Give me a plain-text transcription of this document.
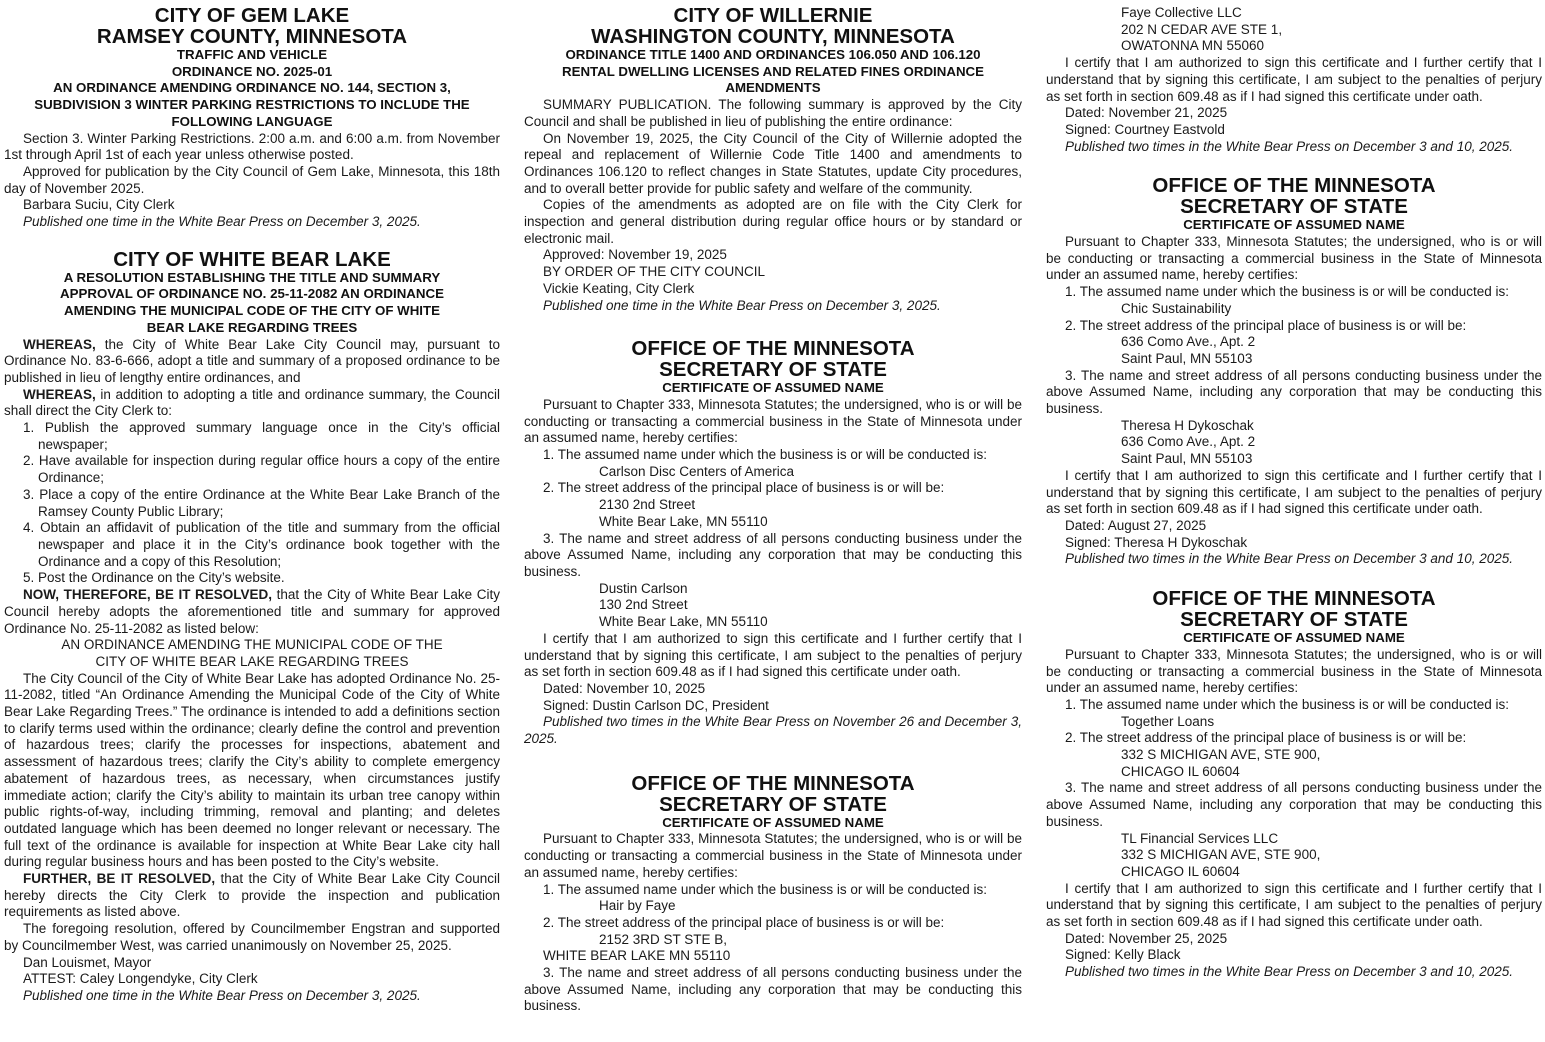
CITY OF GEM LAKE
RAMSEY COUNTY, MINNESOTA
TRAFFIC AND VEHICLE
ORDINANCE NO. 2025-01
AN ORDINANCE AMENDING ORDINANCE NO. 144, SECTION 3, SUBDIVISION 3 WINTER PARKING RESTRICTIONS TO INCLUDE THE FOLLOWING LANGUAGE

Section 3. Winter Parking Restrictions. 2:00 a.m. and 6:00 a.m. from November 1st through April 1st of each year unless otherwise posted.

Approved for publication by the City Council of Gem Lake, Minnesota, this 18th day of November 2025.

Barbara Suciu, City Clerk
Published one time in the White Bear Press on December 3, 2025.
CITY OF WHITE BEAR LAKE
A RESOLUTION ESTABLISHING THE TITLE AND SUMMARY APPROVAL OF ORDINANCE NO. 25-11-2082 AN ORDINANCE AMENDING THE MUNICIPAL CODE OF THE CITY OF WHITE BEAR LAKE REGARDING TREES

WHEREAS, the City of White Bear Lake City Council may, pursuant to Ordinance No. 83-6-666, adopt a title and summary of a proposed ordinance to be published in lieu of lengthy entire ordinances, and

WHEREAS, in addition to adopting a title and ordinance summary, the Council shall direct the City Clerk to:

1. Publish the approved summary language once in the City’s official newspaper;
2. Have available for inspection during regular office hours a copy of the entire Ordinance;
3. Place a copy of the entire Ordinance at the White Bear Lake Branch of the Ramsey County Public Library;
4. Obtain an affidavit of publication of the title and summary from the official newspaper and place it in the City’s ordinance book together with the Ordinance and a copy of this Resolution;
5. Post the Ordinance on the City’s website.

NOW, THEREFORE, BE IT RESOLVED, that the City of White Bear Lake City Council hereby adopts the aforementioned title and summary for approved Ordinance No. 25-11-2082 as listed below:

AN ORDINANCE AMENDING THE MUNICIPAL CODE OF THE
CITY OF WHITE BEAR LAKE REGARDING TREES

The City Council of the City of White Bear Lake has adopted Ordinance No. 25-11-2082, titled “An Ordinance Amending the Municipal Code of the City of White Bear Lake Regarding Trees.” The ordinance is intended to add a definitions section to clarify terms used within the ordinance; clearly define the control and prevention of hazardous trees; clarify the processes for inspections, abatement and assessment of hazardous trees; clarify the City’s ability to complete emergency abatement of hazardous trees, as necessary, when circumstances justify immediate action; clarify the City’s ability to maintain its urban tree canopy within public rights-of-way, including trimming, removal and planting; and deletes outdated language which has been deemed no longer relevant or necessary. The full text of the ordinance is available for inspection at White Bear Lake city hall during regular business hours and has been posted to the City’s website.

FURTHER, BE IT RESOLVED, that the City of White Bear Lake City Council hereby directs the City Clerk to provide the inspection and publication requirements as listed above.

The foregoing resolution, offered by Councilmember Engstran and supported by Councilmember West, was carried unanimously on November 25, 2025.

Dan Louismet, Mayor
ATTEST: Caley Longendyke, City Clerk
Published one time in the White Bear Press on December 3, 2025.
CITY OF WILLERNIE
WASHINGTON COUNTY, MINNESOTA
ORDINANCE TITLE 1400 AND ORDINANCES 106.050 AND 106.120 RENTAL DWELLING LICENSES AND RELATED FINES ORDINANCE AMENDMENTS

SUMMARY PUBLICATION. The following summary is approved by the City Council and shall be published in lieu of publishing the entire ordinance:

On November 19, 2025, the City Council of the City of Willernie adopted the repeal and replacement of Willernie Code Title 1400 and amendments to Ordinances 106.120 to reflect changes in State Statutes, update City procedures, and to overall better provide for public safety and welfare of the community.

Copies of the amendments as adopted are on file with the City Clerk for inspection and general distribution during regular office hours or by standard or electronic mail.

Approved: November 19, 2025
BY ORDER OF THE CITY COUNCIL
Vickie Keating, City Clerk
Published one time in the White Bear Press on December 3, 2025.
OFFICE OF THE MINNESOTA
SECRETARY OF STATE
CERTIFICATE OF ASSUMED NAME

Pursuant to Chapter 333, Minnesota Statutes; the undersigned, who is or will be conducting or transacting a commercial business in the State of Minnesota under an assumed name, hereby certifies:

1. The assumed name under which the business is or will be conducted is:
Carlson Disc Centers of America
2. The street address of the principal place of business is or will be:
2130 2nd Street
White Bear Lake, MN 55110

3. The name and street address of all persons conducting business under the above Assumed Name, including any corporation that may be conducting this business.

Dustin Carlson
130 2nd Street
White Bear Lake, MN 55110

I certify that I am authorized to sign this certificate and I further certify that I understand that by signing this certificate, I am subject to the penalties of perjury as set forth in section 609.48 as if I had signed this certificate under oath.

Dated: November 10, 2025
Signed: Dustin Carlson DC, President

Published two times in the White Bear Press on November 26 and December 3, 2025.

OFFICE OF THE MINNESOTA
SECRETARY OF STATE
CERTIFICATE OF ASSUMED NAME

Pursuant to Chapter 333, Minnesota Statutes; the undersigned, who is or will be conducting or transacting a commercial business in the State of Minnesota under an assumed name, hereby certifies:

1. The assumed name under which the business is or will be conducted is:
Hair by Faye
2. The street address of the principal place of business is or will be:
2152 3RD ST STE B,
WHITE BEAR LAKE MN 55110

3. The name and street address of all persons conducting business under the above Assumed Name, including any corporation that may be conducting this business.

Faye Collective LLC
202 N CEDAR AVE STE 1,
OWATONNA MN 55060

I certify that I am authorized to sign this certificate and I further certify that I understand that by signing this certificate, I am subject to the penalties of perjury as set forth in section 609.48 as if I had signed this certificate under oath.

Dated: November 21, 2025
Signed: Courtney Eastvold
Published two times in the White Bear Press on December 3 and 10, 2025.
OFFICE OF THE MINNESOTA
SECRETARY OF STATE
CERTIFICATE OF ASSUMED NAME

Pursuant to Chapter 333, Minnesota Statutes; the undersigned, who is or will be conducting or transacting a commercial business in the State of Minnesota under an assumed name, hereby certifies:

1. The assumed name under which the business is or will be conducted is:
Chic Sustainability
2. The street address of the principal place of business is or will be:
636 Como Ave., Apt. 2
Saint Paul, MN 55103

3. The name and street address of all persons conducting business under the above Assumed Name, including any corporation that may be conducting this business.

Theresa H Dykoschak
636 Como Ave., Apt. 2
Saint Paul, MN 55103

I certify that I am authorized to sign this certificate and I further certify that I understand that by signing this certificate, I am subject to the penalties of perjury as set forth in section 609.48 as if I had signed this certificate under oath.

Dated: August 27, 2025
Signed: Theresa H Dykoschak
Published two times in the White Bear Press on December 3 and 10, 2025.
OFFICE OF THE MINNESOTA
SECRETARY OF STATE
CERTIFICATE OF ASSUMED NAME

Pursuant to Chapter 333, Minnesota Statutes; the undersigned, who is or will be conducting or transacting a commercial business in the State of Minnesota under an assumed name, hereby certifies:

1. The assumed name under which the business is or will be conducted is:
Together Loans
2. The street address of the principal place of business is or will be:
332 S MICHIGAN AVE, STE 900,
CHICAGO IL 60604

3. The name and street address of all persons conducting business under the above Assumed Name, including any corporation that may be conducting this business.

TL Financial Services LLC
332 S MICHIGAN AVE, STE 900,
CHICAGO IL 60604

I certify that I am authorized to sign this certificate and I further certify that I understand that by signing this certificate, I am subject to the penalties of perjury as set forth in section 609.48 as if I had signed this certificate under oath.

Dated: November 25, 2025
Signed: Kelly Black
Published two times in the White Bear Press on December 3 and 10, 2025.
